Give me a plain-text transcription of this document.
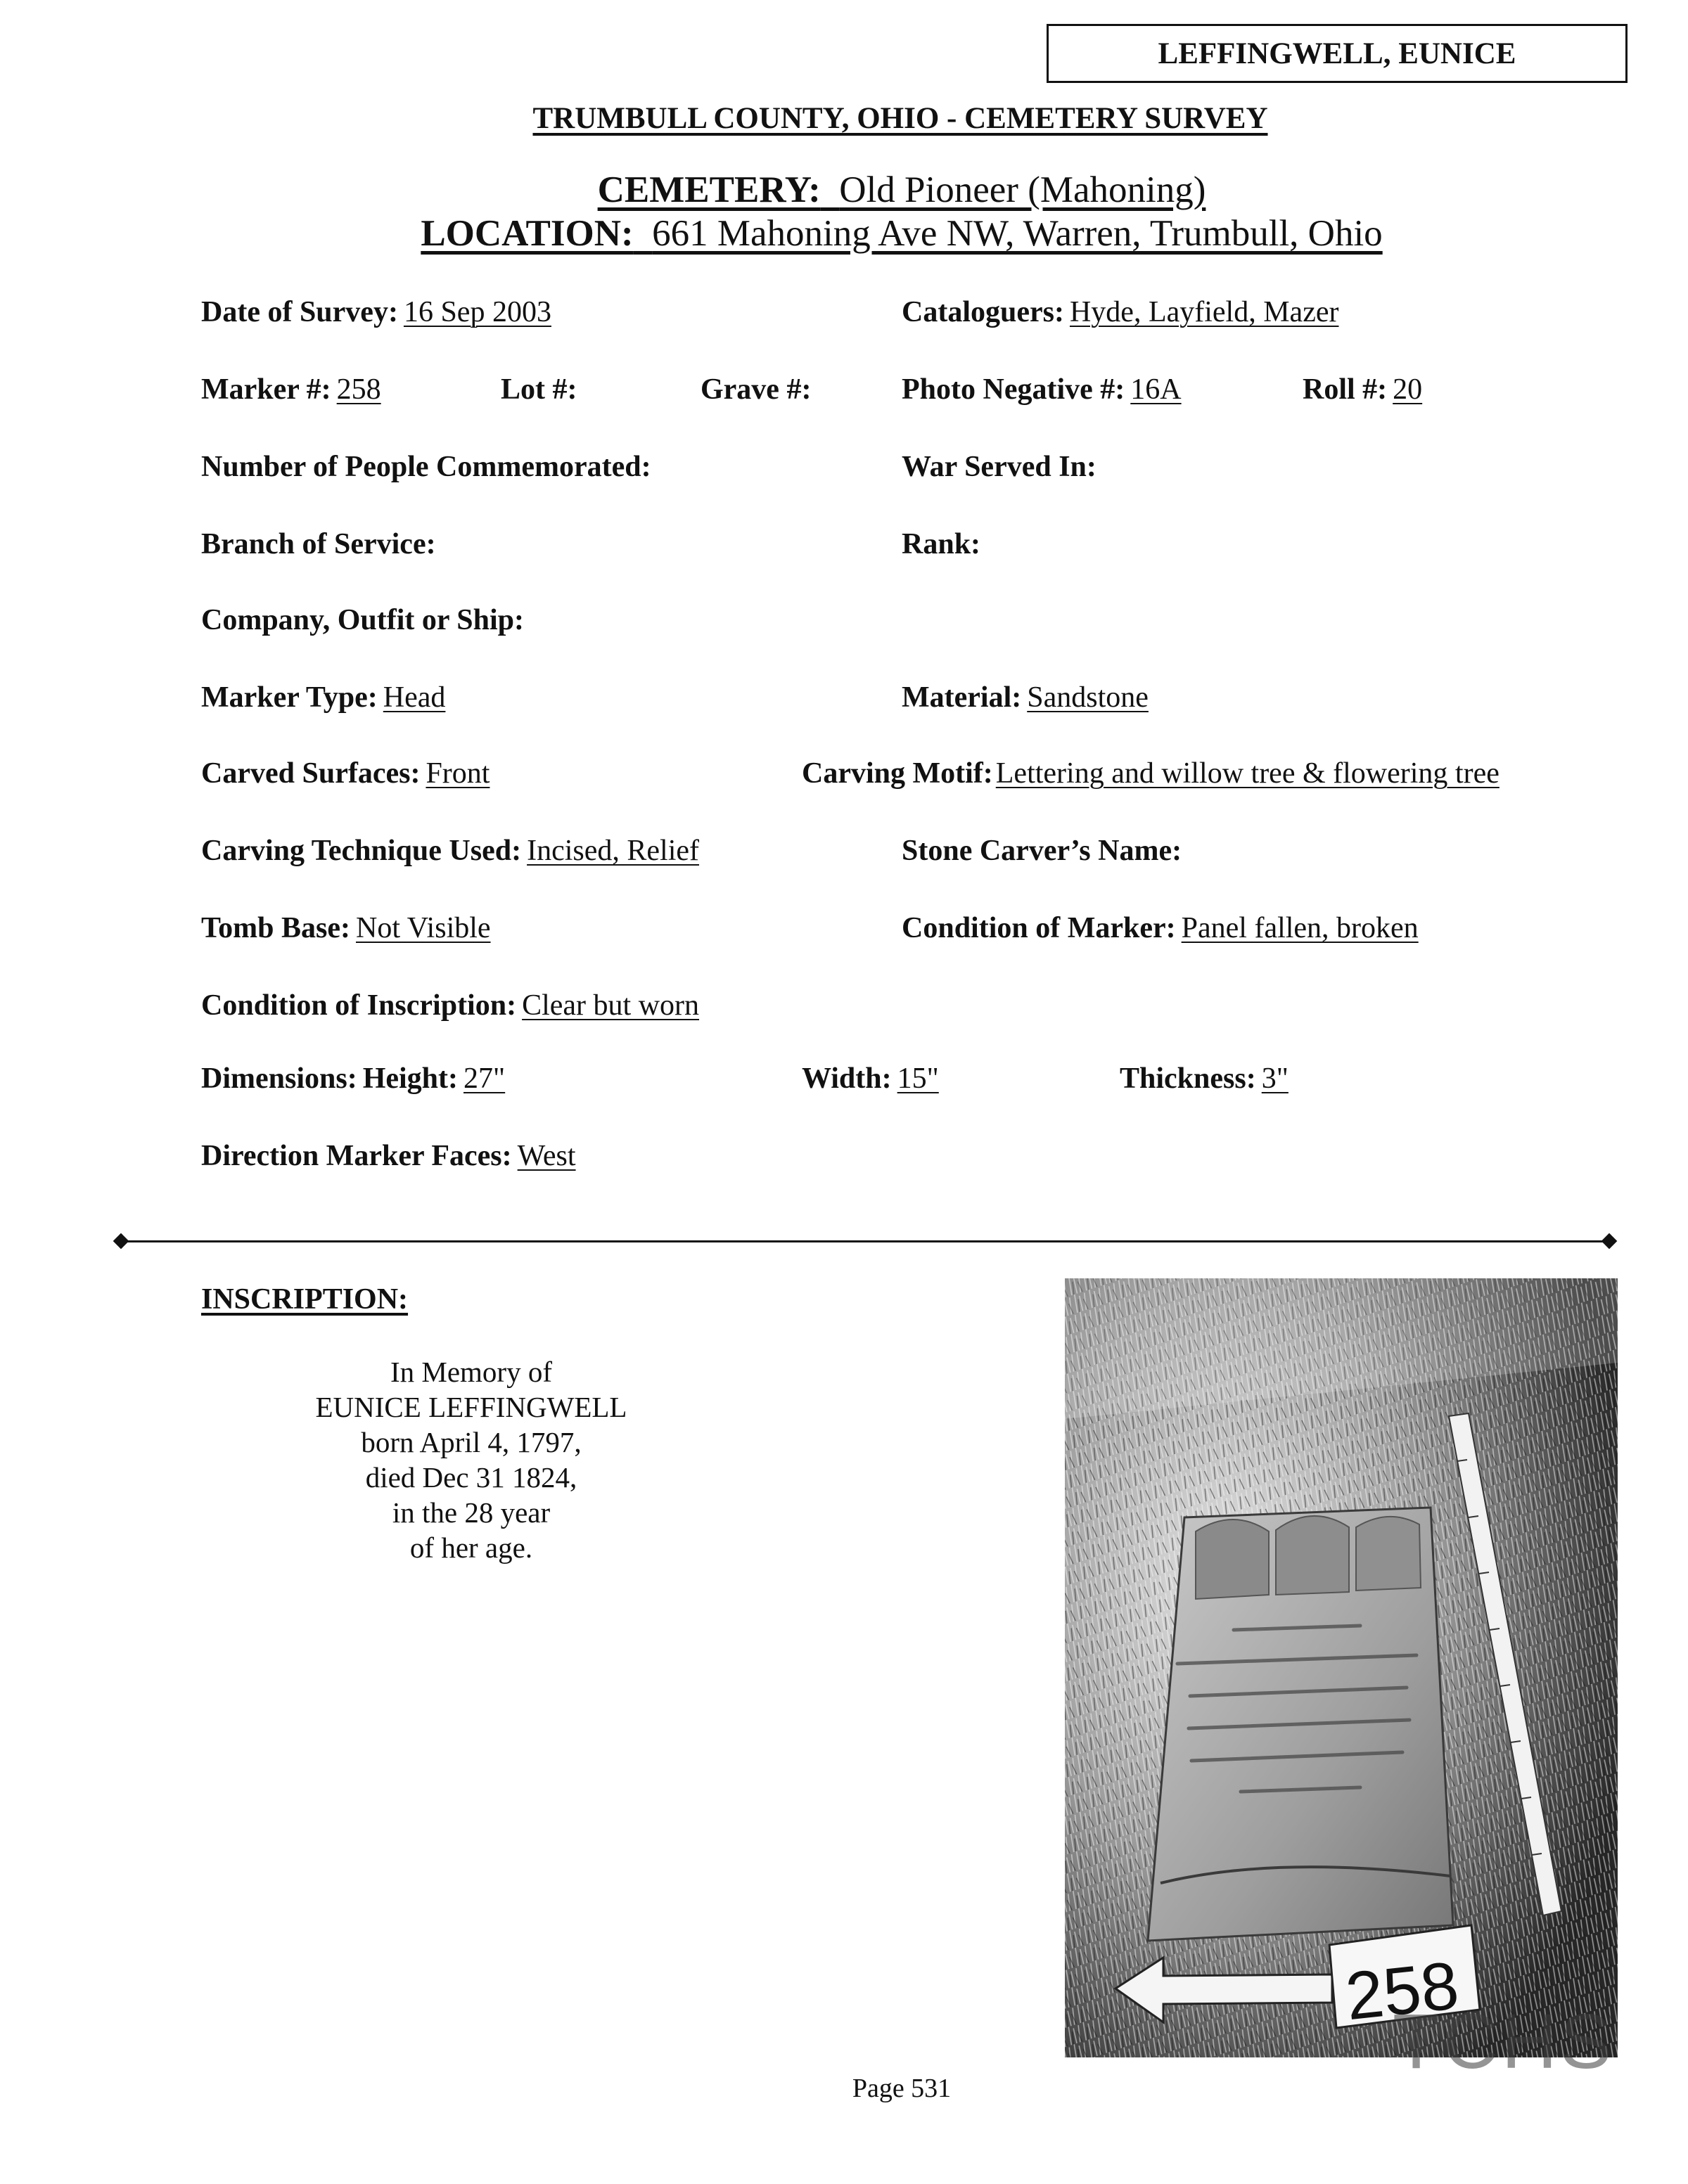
LEFFINGWELL, EUNICE
TRUMBULL COUNTY, OHIO - CEMETERY SURVEY
CEMETERY: Old Pioneer (Mahoning)
LOCATION: 661 Mahoning Ave NW, Warren, Trumbull, Ohio
Date of Survey: 16 Sep 2003	Cataloguers: Hyde, Layfield, Mazer
Marker #: 258	Lot #:	Grave #:	Photo Negative #: 16A	Roll #: 20
Number of People Commemorated:	War Served In:
Branch of Service:	Rank:
Company, Outfit or Ship:
Marker Type: Head	Material: Sandstone
Carved Surfaces: Front	Carving Motif: Lettering and willow tree & flowering tree
Carving Technique Used: Incised, Relief	Stone Carver’s Name:
Tomb Base: Not Visible	Condition of Marker: Panel fallen, broken
Condition of Inscription: Clear but worn
Dimensions: Height: 27"	Width: 15"	Thickness: 3"
Direction Marker Faces: West
INSCRIPTION:
In Memory of
EUNICE LEFFINGWELL
born April 4, 1797,
died Dec 31 1824,
in the 28 year
of her age.
258
TCHS
Page 531
